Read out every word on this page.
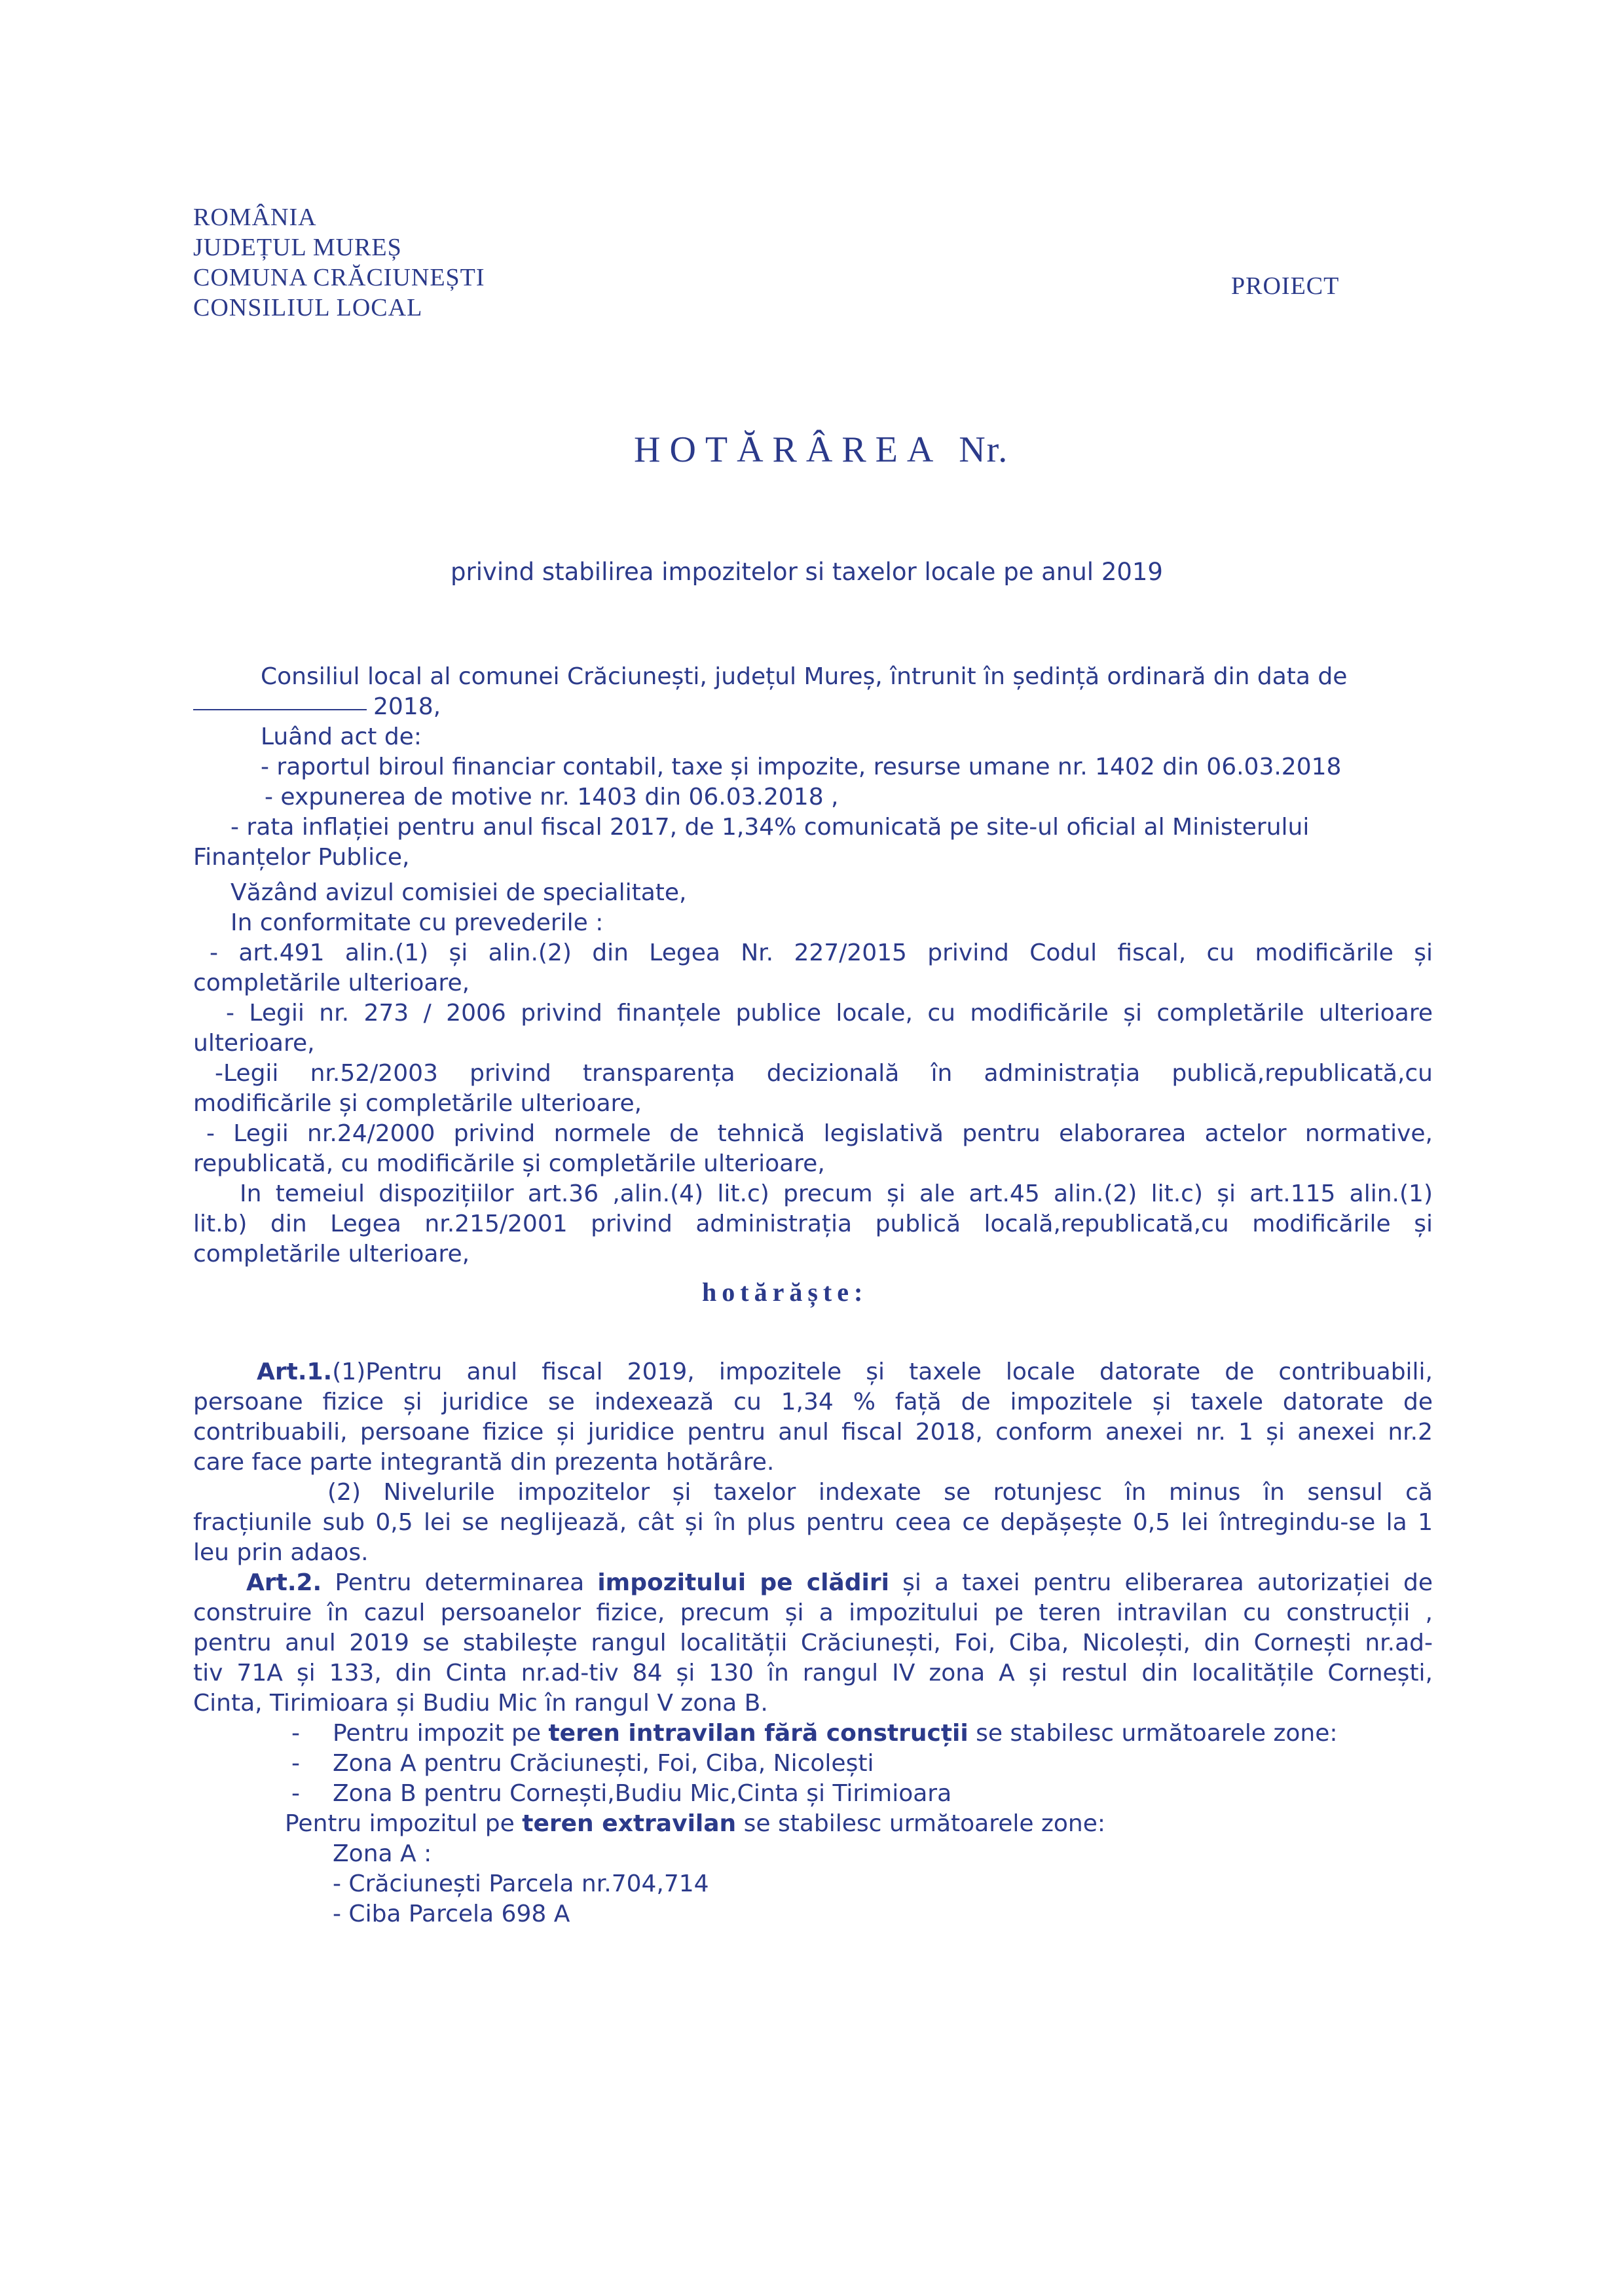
ROMÂNIA
JUDEȚUL MUREȘ
COMUNA CRĂCIUNEȘTI
CONSILIUL LOCAL
PROIECT
HOTĂRÂREA Nr.
privind stabilirea impozitelor si taxelor locale pe anul 2019
Consiliul local al comunei Crăciunești, județul Mureș, întrunit în ședință ordinară din data de
2018,
Luând act de:
- raportul biroul financiar contabil, taxe și impozite, resurse umane nr. 1402 din 06.03.2018
- expunerea de motive nr. 1403 din 06.03.2018 ,
- rata inflației pentru anul fiscal 2017, de 1,34% comunicată pe site-ul oficial al Ministerului
Finanțelor Publice,
Văzând avizul comisiei de specialitate,
In conformitate cu prevederile :
- art.491 alin.(1) și alin.(2) din Legea Nr. 227/2015 privind Codul fiscal, cu modificările și
completările ulterioare,
- Legii nr. 273 / 2006 privind finanțele publice locale, cu modificările și completările ulterioare
ulterioare,
-Legii nr.52/2003 privind transparența decizională în administrația publică,republicată,cu
modificările și completările ulterioare,
- Legii nr.24/2000 privind normele de tehnică legislativă pentru elaborarea actelor normative,
republicată, cu modificările și completările ulterioare,
In temeiul dispozițiilor art.36 ,alin.(4) lit.c) precum și ale art.45 alin.(2) lit.c) și art.115 alin.(1)
lit.b) din Legea nr.215/2001 privind administrația publică locală,republicată,cu modificările și
completările ulterioare,
hotărăște:
Art.1.(1)Pentru anul fiscal 2019, impozitele și taxele locale datorate de contribuabili,
persoane fizice și juridice se indexează cu 1,34 % față de impozitele și taxele datorate de
contribuabili, persoane fizice și juridice pentru anul fiscal 2018, conform anexei nr. 1 și anexei nr.2
care face parte integrantă din prezenta hotărâre.
(2) Nivelurile impozitelor și taxelor indexate se rotunjesc în minus în sensul că
fracțiunile sub 0,5 lei se neglijează, cât și în plus pentru ceea ce depășește 0,5 lei întregindu-se la 1
leu prin adaos.
Art.2. Pentru determinarea impozitului pe clădiri și a taxei pentru eliberarea autorizației de
construire în cazul persoanelor fizice, precum și a impozitului pe teren intravilan cu construcții ,
pentru anul 2019 se stabilește rangul localității Crăciunești, Foi, Ciba, Nicolești, din Cornești nr.ad-
tiv 71A și 133, din Cinta nr.ad-tiv 84 și 130 în rangul IV zona A și restul din localitățile Cornești,
Cinta, Tirimioara și Budiu Mic în rangul V zona B.
- Pentru impozit pe teren intravilan fără construcții se stabilesc următoarele zone:
- Zona A pentru Crăciunești, Foi, Ciba, Nicolești
- Zona B pentru Cornești,Budiu Mic,Cinta și Tirimioara
Pentru impozitul pe teren extravilan se stabilesc următoarele zone:
Zona A :
- Crăciunești Parcela nr.704,714
- Ciba Parcela 698 A
